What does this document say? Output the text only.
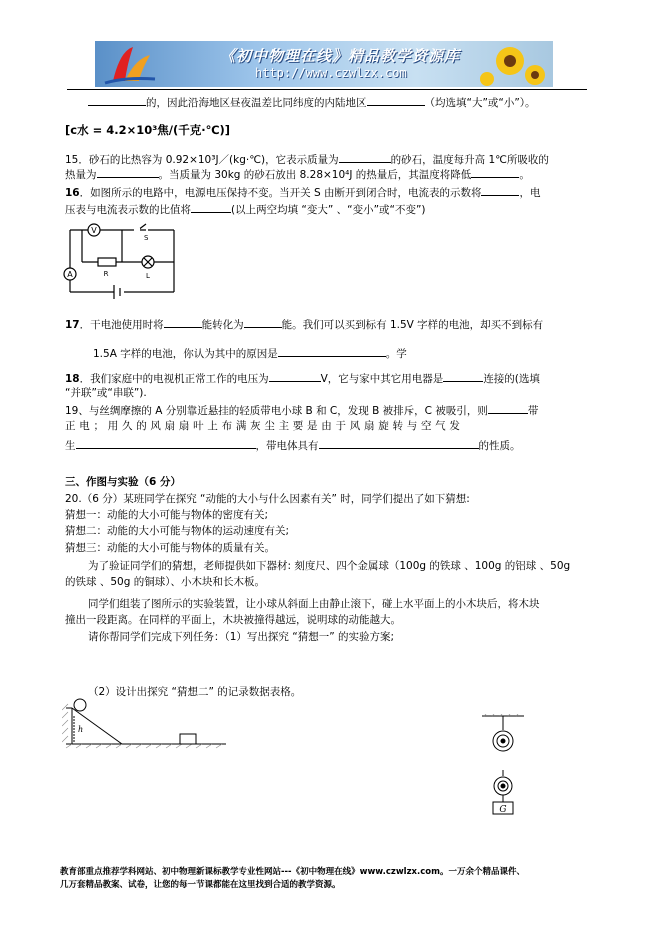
《初中物理在线》精品教学资源库
http://www.czwlzx.com
的，因此沿海地区昼夜温差比同纬度的内陆地区	（均选填“大”或“小”）。
[c水 = 4.2×10³焦/(千克·℃)]
15．砂石的比热容为 0.92×10³J／(kg·℃)，它表示质量为	的砂石，温度每升高 1℃所吸收的
热量为	。当质量为 30kg 的砂石放出 8.28×10⁴J 的热量后，其温度将降低	。
16．如图所示的电路中，电源电压保持不变。当开关 S 由断开到闭合时，电流表的示数将	，电
压表与电流表示数的比值将	(以上两空均填 “变大” 、“变小”或“不变”)
V
A	R	L
S
17．干电池使用时将	能转化为	能。我们可以买到标有 1.5V 字样的电池，却买不到标有
1.5A 字样的电池，你认为其中的原因是	。学
18．我们家庭中的电视机正常工作的电压为	V，它与家中其它用电器是	连接的(选填
“并联”或“串联”).
19、与丝绸摩擦的 A 分别靠近悬挂的轻质带电小球 B 和 C，发现 B 被排斥，C 被吸引，则	带
正 电 ； 用 久 的 风 扇 扇 叶 上 布 满 灰 尘 主 要 是 由 于 风 扇 旋 转 与 空 气 发
生	，带电体具有	的性质。
三、作图与实验（6 分）
20.（6 分）某班同学在探究 “动能的大小与什么因素有关” 时，同学们提出了如下猜想:
猜想一：动能的大小可能与物体的密度有关;
猜想二：动能的大小可能与物体的运动速度有关;
猜想三：动能的大小可能与物体的质量有关。
为了验证同学们的猜想，老师提供如下器材: 刻度尺、四个金属球（100g 的铁球 、100g 的铝球 、50g
的铁球 、50g 的铜球）、小木块和长木板。
同学们组装了图所示的实验装置，让小球从斜面上由静止滚下，碰上水平面上的小木块后，将木块
撞出一段距离。在同样的平面上，木块被撞得越远，说明球的动能越大。
请你帮同学们完成下列任务：（1）写出探究 “猜想一” 的实验方案;
（2）设计出探究 “猜想二” 的记录数据表格。
h
G
教育部重点推荐学科网站、初中物理新课标教学专业性网站---《初中物理在线》www.czwlzx.com。一万余个精品课件、
几万套精品教案、试卷，让您的每一节课都能在这里找到合适的教学资源。
